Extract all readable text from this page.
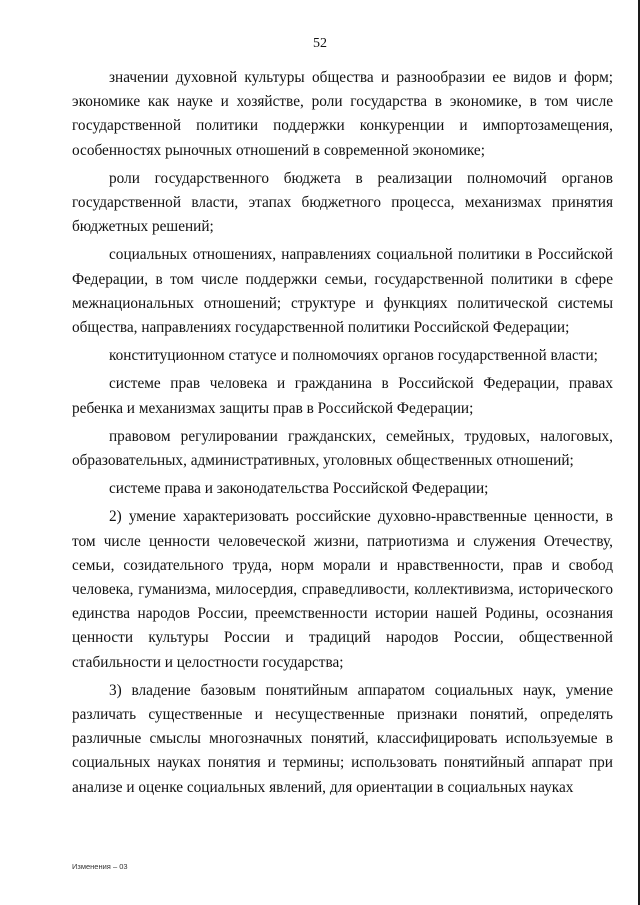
52

значении духовной культуры общества и разнообразии ее видов и форм; экономике как науке и хозяйстве, роли государства в экономике, в том числе государственной политики поддержки конкуренции и импортозамещения, особенностях рыночных отношений в современной экономике;

роли государственного бюджета в реализации полномочий органов государственной власти, этапах бюджетного процесса, механизмах принятия бюджетных решений;

социальных отношениях, направлениях социальной политики в Российской Федерации, в том числе поддержки семьи, государственной политики в сфере межнациональных отношений; структуре и функциях политической системы общества, направлениях государственной политики Российской Федерации;

конституционном статусе и полномочиях органов государственной власти;

системе прав человека и гражданина в Российской Федерации, правах ребенка и механизмах защиты прав в Российской Федерации;

правовом регулировании гражданских, семейных, трудовых, налоговых, образовательных, административных, уголовных общественных отношений;

системе права и законодательства Российской Федерации;

2) умение характеризовать российские духовно-нравственные ценности, в том числе ценности человеческой жизни, патриотизма и служения Отечеству, семьи, созидательного труда, норм морали и нравственности, прав и свобод человека, гуманизма, милосердия, справедливости, коллективизма, исторического единства народов России, преемственности истории нашей Родины, осознания ценности культуры России и традиций народов России, общественной стабильности и целостности государства;

3) владение базовым понятийным аппаратом социальных наук, умение различать существенные и несущественные признаки понятий, определять различные смыслы многозначных понятий, классифицировать используемые в социальных науках понятия и термины; использовать понятийный аппарат при анализе и оценке социальных явлений, для ориентации в социальных науках

Изменения – 03
